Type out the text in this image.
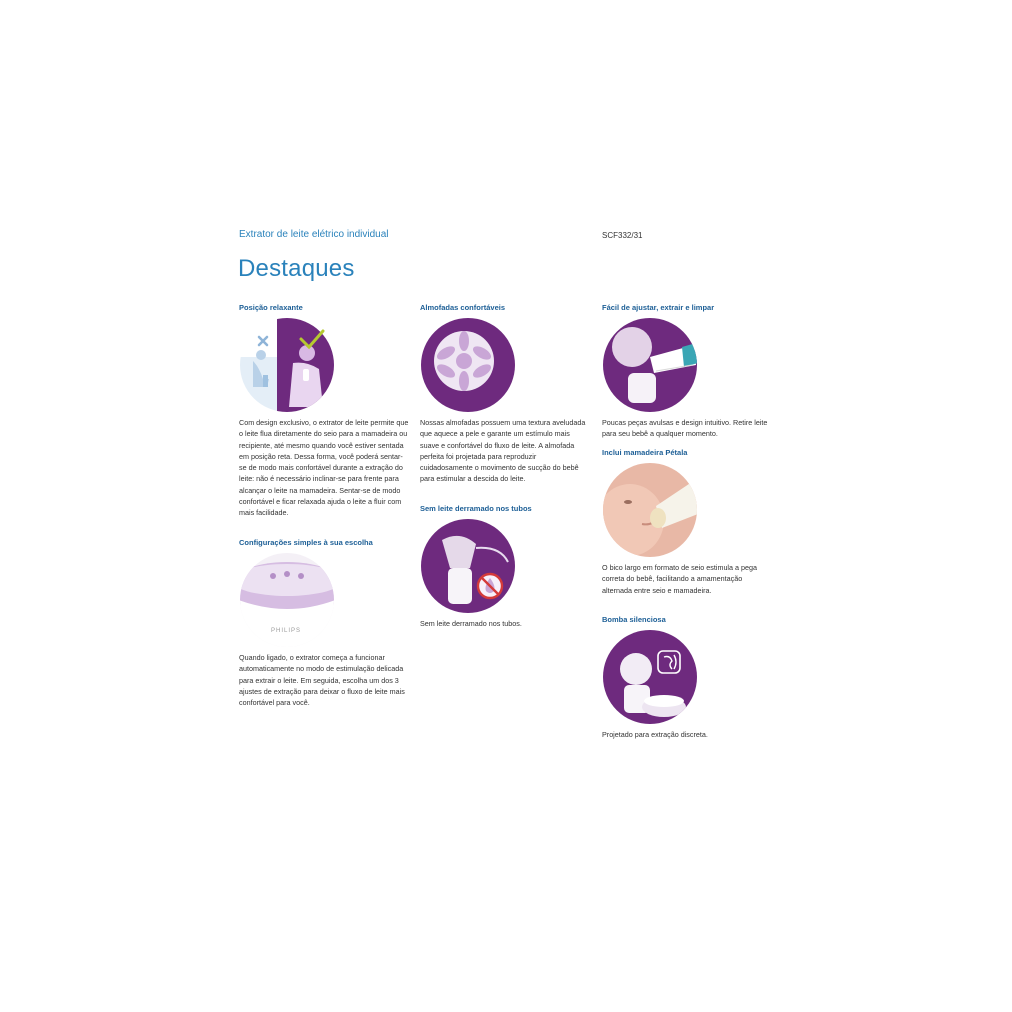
Extrator de leite elétrico individual	SCF332/31
Destaques
Posição relaxante

Com design exclusivo, o extrator de leite permite que o leite flua diretamente do seio para a mamadeira ou recipiente, até mesmo quando você estiver sentada em posição reta. Dessa forma, você poderá sentar-se de modo mais confortável durante a extração do leite: não é necessário inclinar-se para frente para alcançar o leite na mamadeira. Sentar-se de modo confortável e ficar relaxada ajuda o leite a fluir com mais facilidade.

Configurações simples à sua escolha
PHILIPS

Quando ligado, o extrator começa a funcionar automaticamente no modo de estimulação delicada para extrair o leite. Em seguida, escolha um dos 3 ajustes de extração para deixar o fluxo de leite mais confortável para você.

Almofadas confortáveis

Nossas almofadas possuem uma textura aveludada que aquece a pele e garante um estímulo mais suave e confortável do fluxo de leite. A almofada perfeita foi projetada para reproduzir cuidadosamente o movimento de sucção do bebê para estimular a descida do leite.

Sem leite derramado nos tubos

Sem leite derramado nos tubos.

Fácil de ajustar, extrair e limpar

Poucas peças avulsas e design intuitivo. Retire leite para seu bebê a qualquer momento.

Inclui mamadeira Pétala

O bico largo em formato de seio estimula a pega correta do bebê, facilitando a amamentação alternada entre seio e mamadeira.

Bomba silenciosa

Projetado para extração discreta.
